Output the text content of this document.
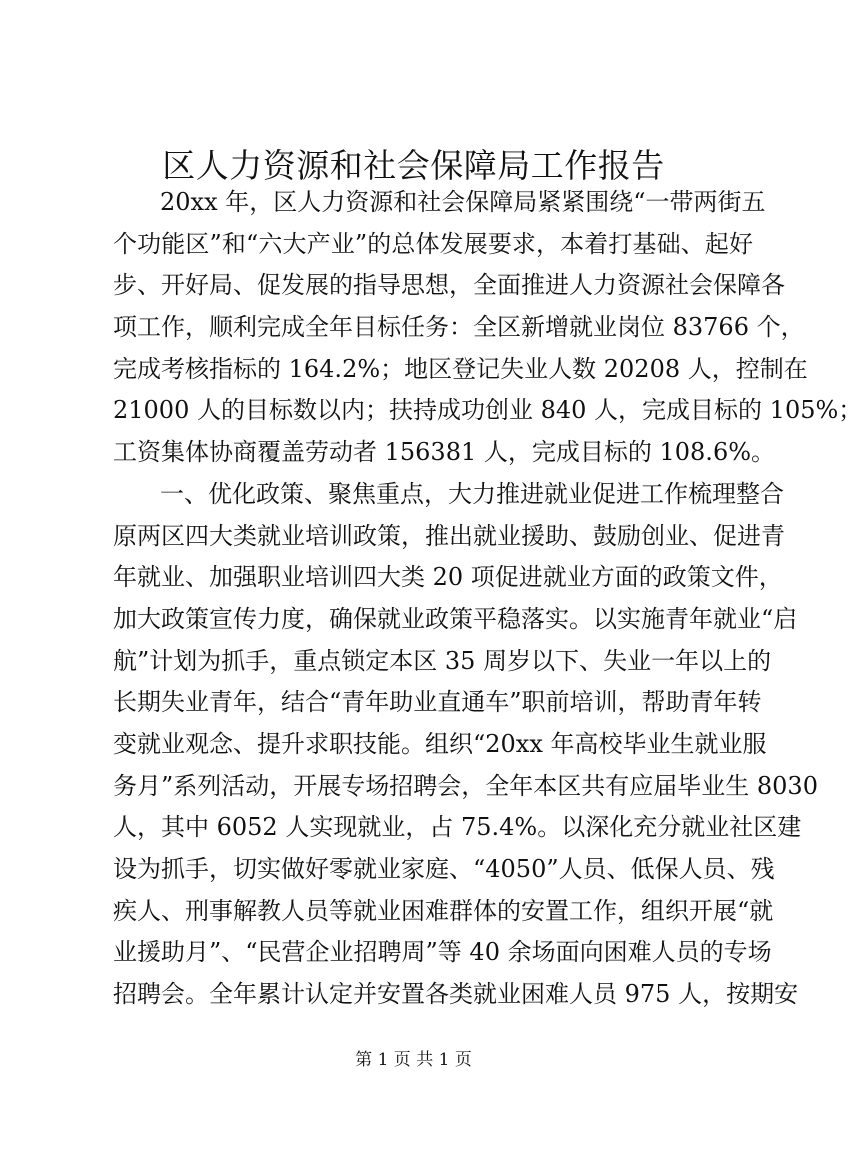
区人力资源和社会保障局工作报告
20xx 年，区人力资源和社会保障局紧紧围绕“一带两街五
个功能区”和“六大产业”的总体发展要求，本着打基础、起好
步、开好局、促发展的指导思想，全面推进人力资源社会保障各
项工作，顺利完成全年目标任务：全区新增就业岗位 83766 个，
完成考核指标的 164.2%；地区登记失业人数 20208 人，控制在
21000 人的目标数以内；扶持成功创业 840 人，完成目标的 105%；
工资集体协商覆盖劳动者 156381 人，完成目标的 108.6%。
一、优化政策、聚焦重点，大力推进就业促进工作梳理整合
原两区四大类就业培训政策，推出就业援助、鼓励创业、促进青
年就业、加强职业培训四大类 20 项促进就业方面的政策文件，
加大政策宣传力度，确保就业政策平稳落实。以实施青年就业“启
航”计划为抓手，重点锁定本区 35 周岁以下、失业一年以上的
长期失业青年，结合“青年助业直通车”职前培训，帮助青年转
变就业观念、提升求职技能。组织“20xx 年高校毕业生就业服
务月”系列活动，开展专场招聘会，全年本区共有应届毕业生 8030
人，其中 6052 人实现就业，占 75.4%。以深化充分就业社区建
设为抓手，切实做好零就业家庭、“4050”人员、低保人员、残
疾人、刑事解教人员等就业困难群体的安置工作，组织开展“就
业援助月”、“民营企业招聘周”等 40 余场面向困难人员的专场
招聘会。全年累计认定并安置各类就业困难人员 975 人，按期安
第 1 页 共 1 页
